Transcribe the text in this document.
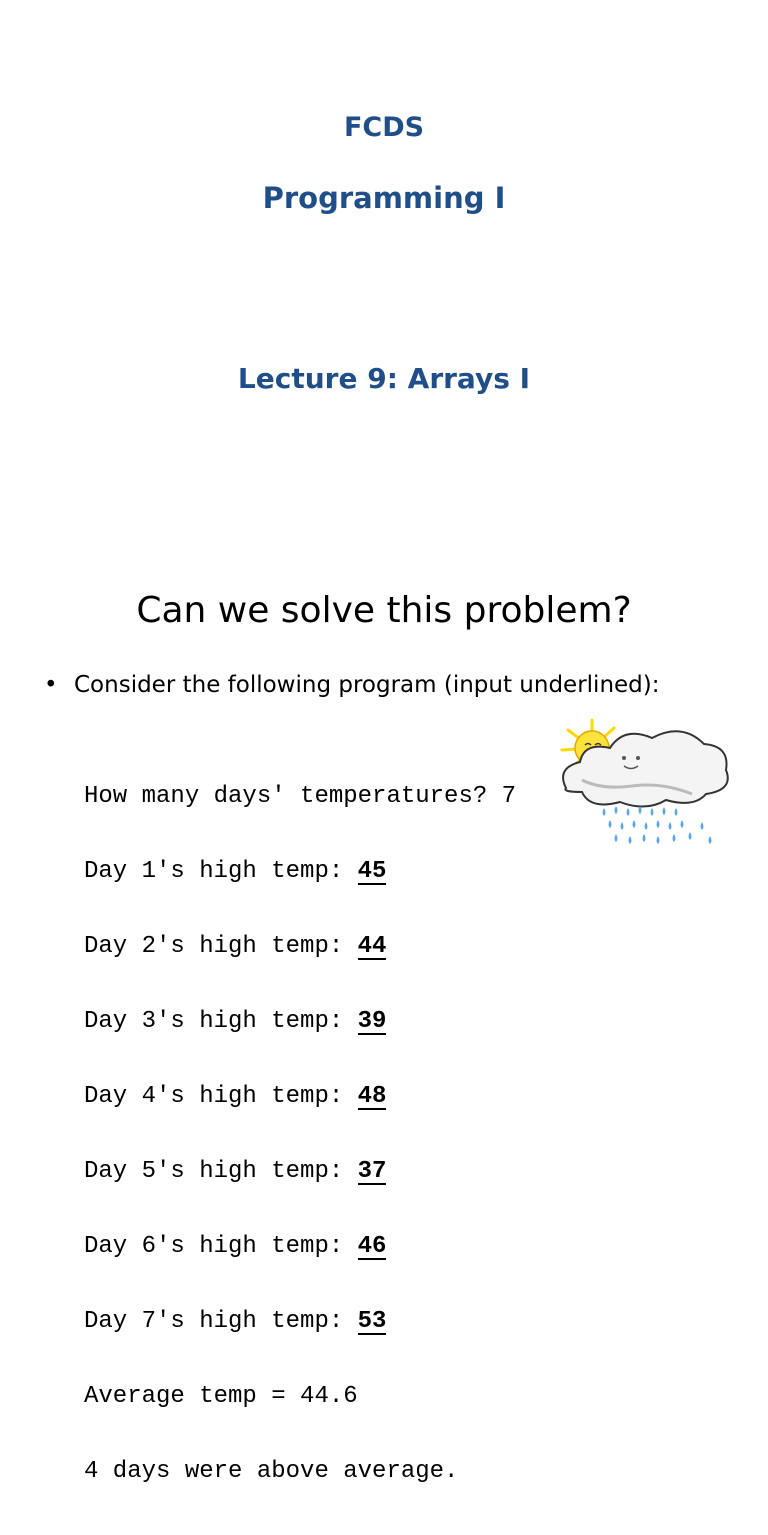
FCDS
Programming I
Lecture 9: Arrays I
Can we solve this problem?
• Consider the following program (input underlined):

How many days' temperatures? 7

Day 1's high temp: 45

Day 2's high temp: 44

Day 3's high temp: 39

Day 4's high temp: 48

Day 5's high temp: 37

Day 6's high temp: 46

Day 7's high temp: 53

Average temp = 44.6

4 days were above average.
